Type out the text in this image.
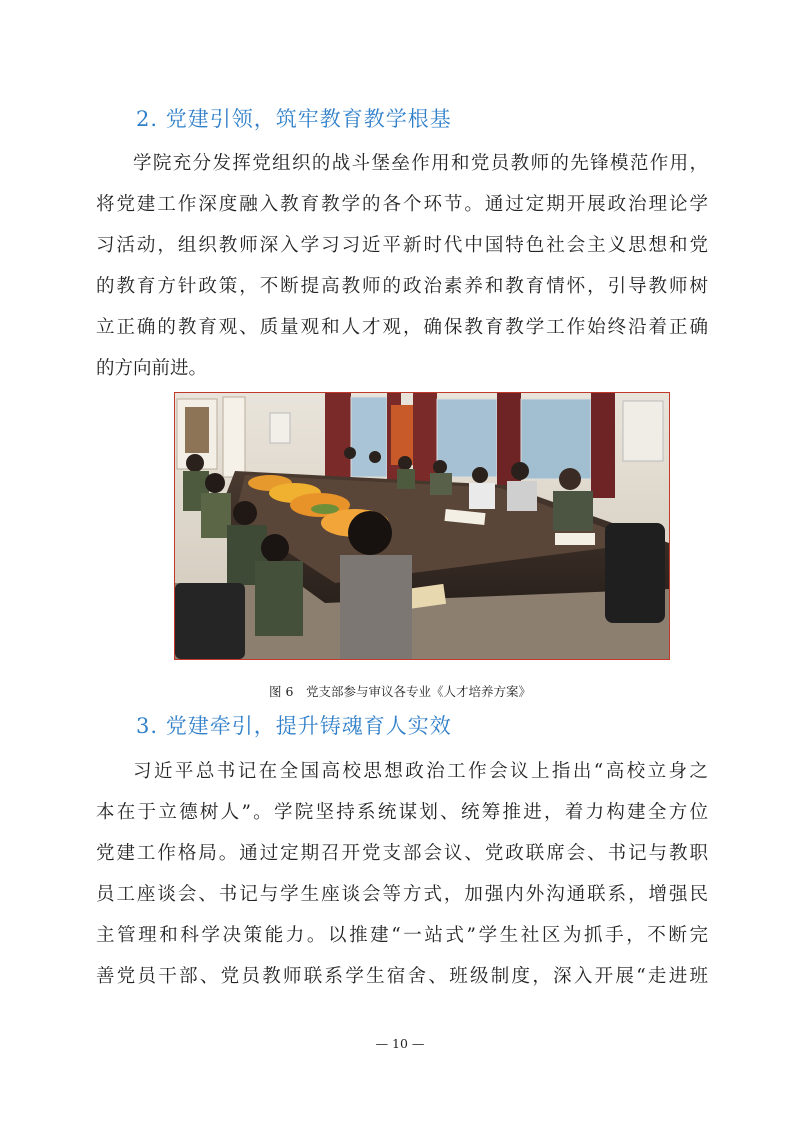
2. 党建引领，筑牢教育教学根基
学院充分发挥党组织的战斗堡垒作用和党员教师的先锋模范作用，
将党建工作深度融入教育教学的各个环节。通过定期开展政治理论学
习活动，组织教师深入学习习近平新时代中国特色社会主义思想和党
的教育方针政策，不断提高教师的政治素养和教育情怀，引导教师树
立正确的教育观、质量观和人才观，确保教育教学工作始终沿着正确
的方向前进。

图 6　党支部参与审议各专业《人才培养方案》

3. 党建牵引，提升铸魂育人实效
习近平总书记在全国高校思想政治工作会议上指出“高校立身之
本在于立德树人”。学院坚持系统谋划、统筹推进，着力构建全方位
党建工作格局。通过定期召开党支部会议、党政联席会、书记与教职
员工座谈会、书记与学生座谈会等方式，加强内外沟通联系，增强民
主管理和科学决策能力。以推建“一站式”学生社区为抓手，不断完
善党员干部、党员教师联系学生宿舍、班级制度，深入开展“走进班

— 10 —
